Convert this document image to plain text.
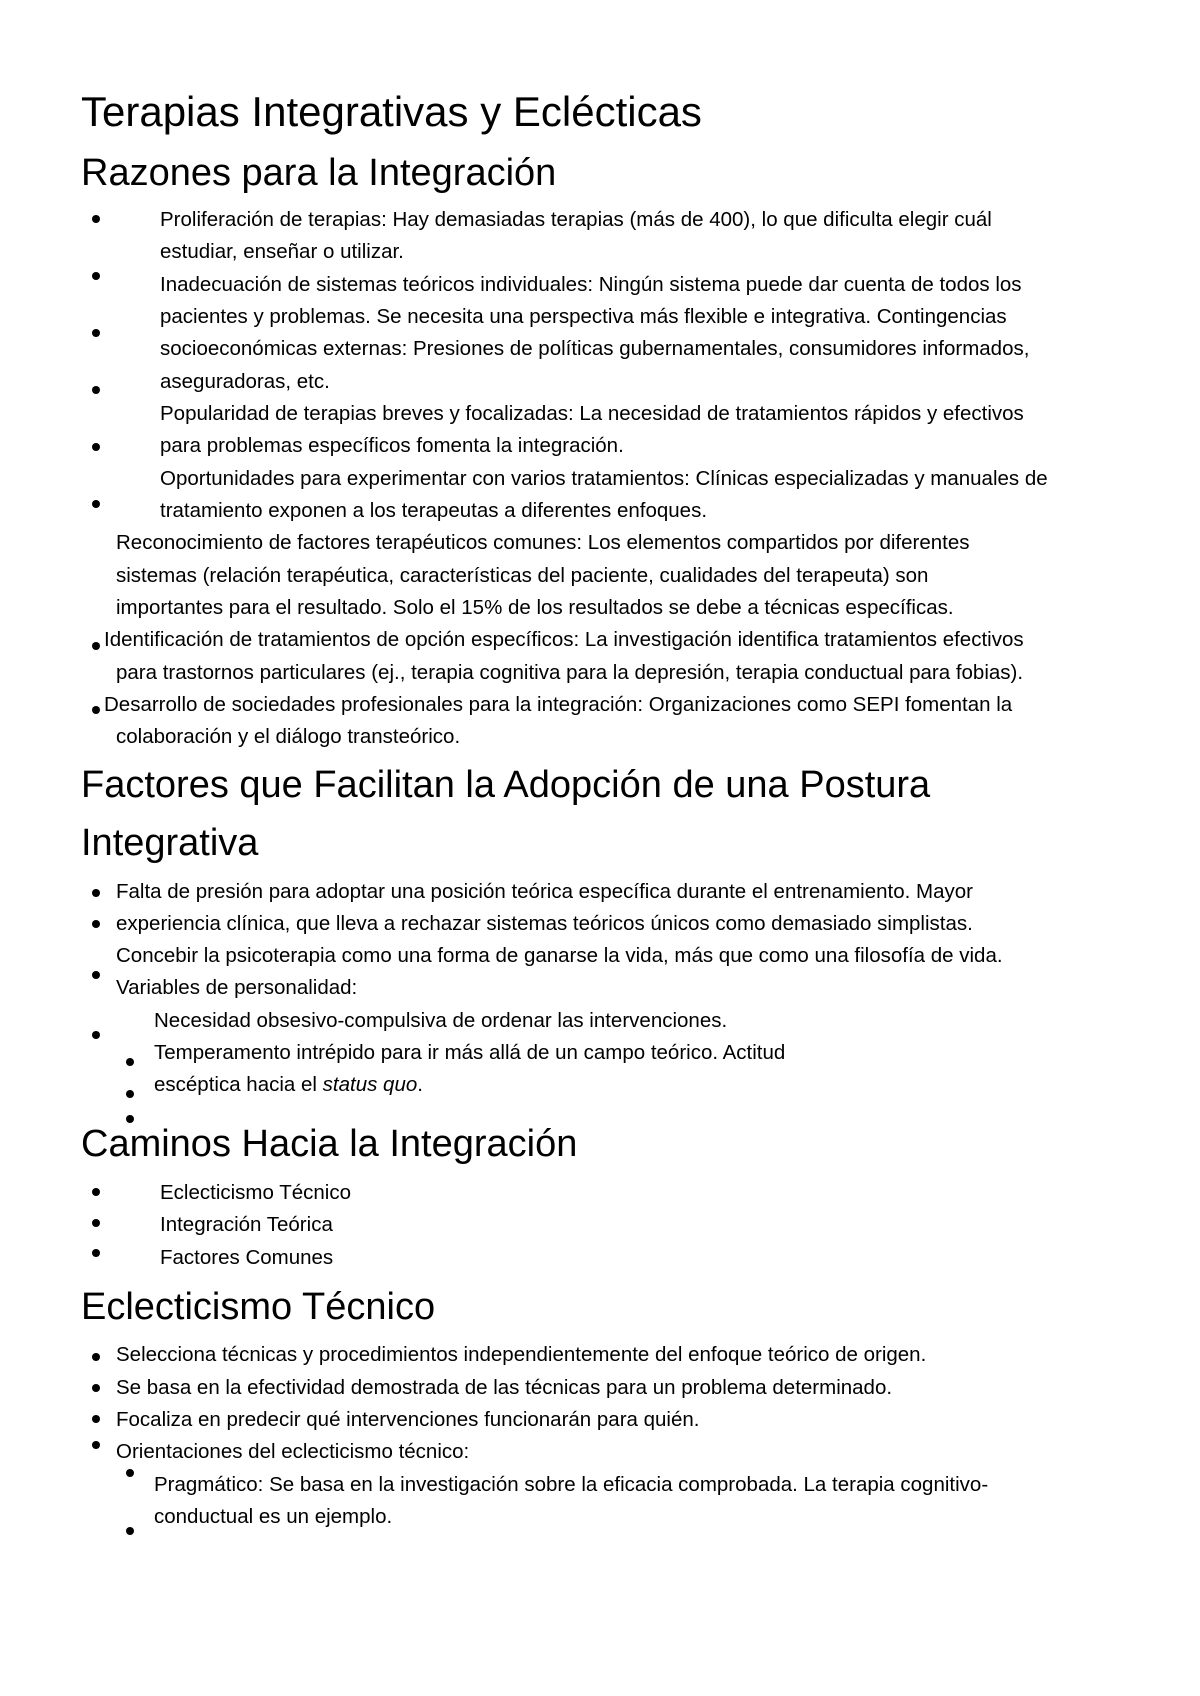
Terapias Integrativas y Eclécticas
Razones para la Integración
Proliferación de terapias: Hay demasiadas terapias (más de 400), lo que dificulta elegir cuál
estudiar, enseñar o utilizar.
Inadecuación de sistemas teóricos individuales: Ningún sistema puede dar cuenta de todos los
pacientes y problemas. Se necesita una perspectiva más flexible e integrativa. Contingencias
socioeconómicas externas: Presiones de políticas gubernamentales, consumidores informados,
aseguradoras, etc.
Popularidad de terapias breves y focalizadas: La necesidad de tratamientos rápidos y efectivos
para problemas específicos fomenta la integración.
Oportunidades para experimentar con varios tratamientos: Clínicas especializadas y manuales de
tratamiento exponen a los terapeutas a diferentes enfoques.
Reconocimiento de factores terapéuticos comunes: Los elementos compartidos por diferentes
sistemas (relación terapéutica, características del paciente, cualidades del terapeuta) son
importantes para el resultado. Solo el 15% de los resultados se debe a técnicas específicas.
Identificación de tratamientos de opción específicos: La investigación identifica tratamientos efectivos
para trastornos particulares (ej., terapia cognitiva para la depresión, terapia conductual para fobias).
Desarrollo de sociedades profesionales para la integración: Organizaciones como SEPI fomentan la
colaboración y el diálogo transteórico.
Factores que Facilitan la Adopción de una Postura
Integrativa
Falta de presión para adoptar una posición teórica específica durante el entrenamiento. Mayor
experiencia clínica, que lleva a rechazar sistemas teóricos únicos como demasiado simplistas.
Concebir la psicoterapia como una forma de ganarse la vida, más que como una filosofía de vida.
Variables de personalidad:
Necesidad obsesivo-compulsiva de ordenar las intervenciones.
Temperamento intrépido para ir más allá de un campo teórico. Actitud
escéptica hacia el status quo.
Caminos Hacia la Integración
Eclecticismo Técnico
Integración Teórica
Factores Comunes
Eclecticismo Técnico
Selecciona técnicas y procedimientos independientemente del enfoque teórico de origen.
Se basa en la efectividad demostrada de las técnicas para un problema determinado.
Focaliza en predecir qué intervenciones funcionarán para quién.
Orientaciones del eclecticismo técnico:
Pragmático: Se basa en la investigación sobre la eficacia comprobada. La terapia cognitivo-
conductual es un ejemplo.
